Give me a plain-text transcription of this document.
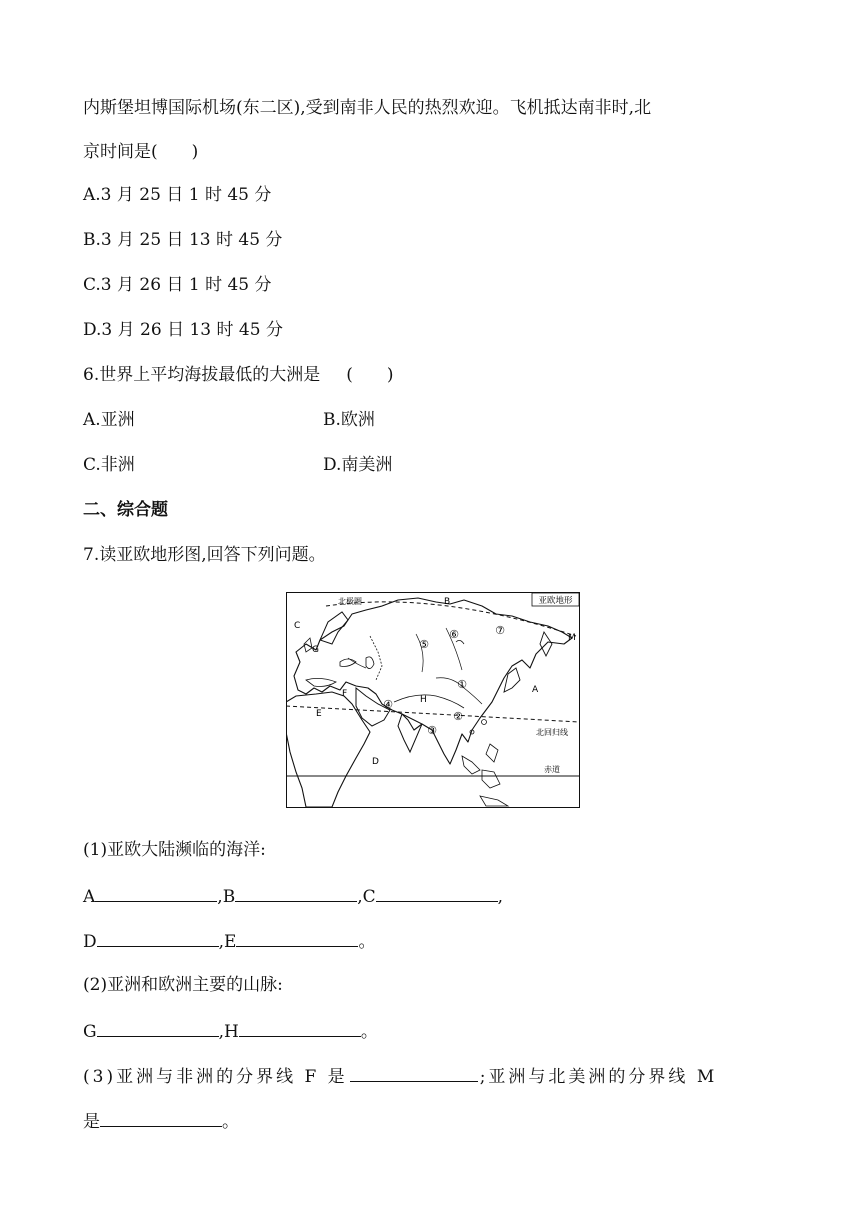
内斯堡坦博国际机场(东二区),受到南非人民的热烈欢迎。飞机抵达南非时,北
京时间是( )
A.3 月 25 日 1 时 45 分
B.3 月 25 日 13 时 45 分
C.3 月 26 日 1 时 45 分
D.3 月 26 日 13 时 45 分
6.世界上平均海拔最低的大洲是 ( )
A.亚洲	B.欧洲
C.非洲	D.南美洲
二、综合题
7.读亚欧地形图,回答下列问题。
亚欧地形
北极圈
北回归线
赤道
C
B
A
D
E
F
G
H
M
①
②
③
④
⑤
⑥	⑦
(1)亚欧大陆濒临的海洋:
A	,B	,C	,
D	,E	。
(2)亚洲和欧洲主要的山脉:
G	,H	。
(3)亚洲与非洲的分界线 F 是	;亚洲与北美洲的分界线 M
是	。
